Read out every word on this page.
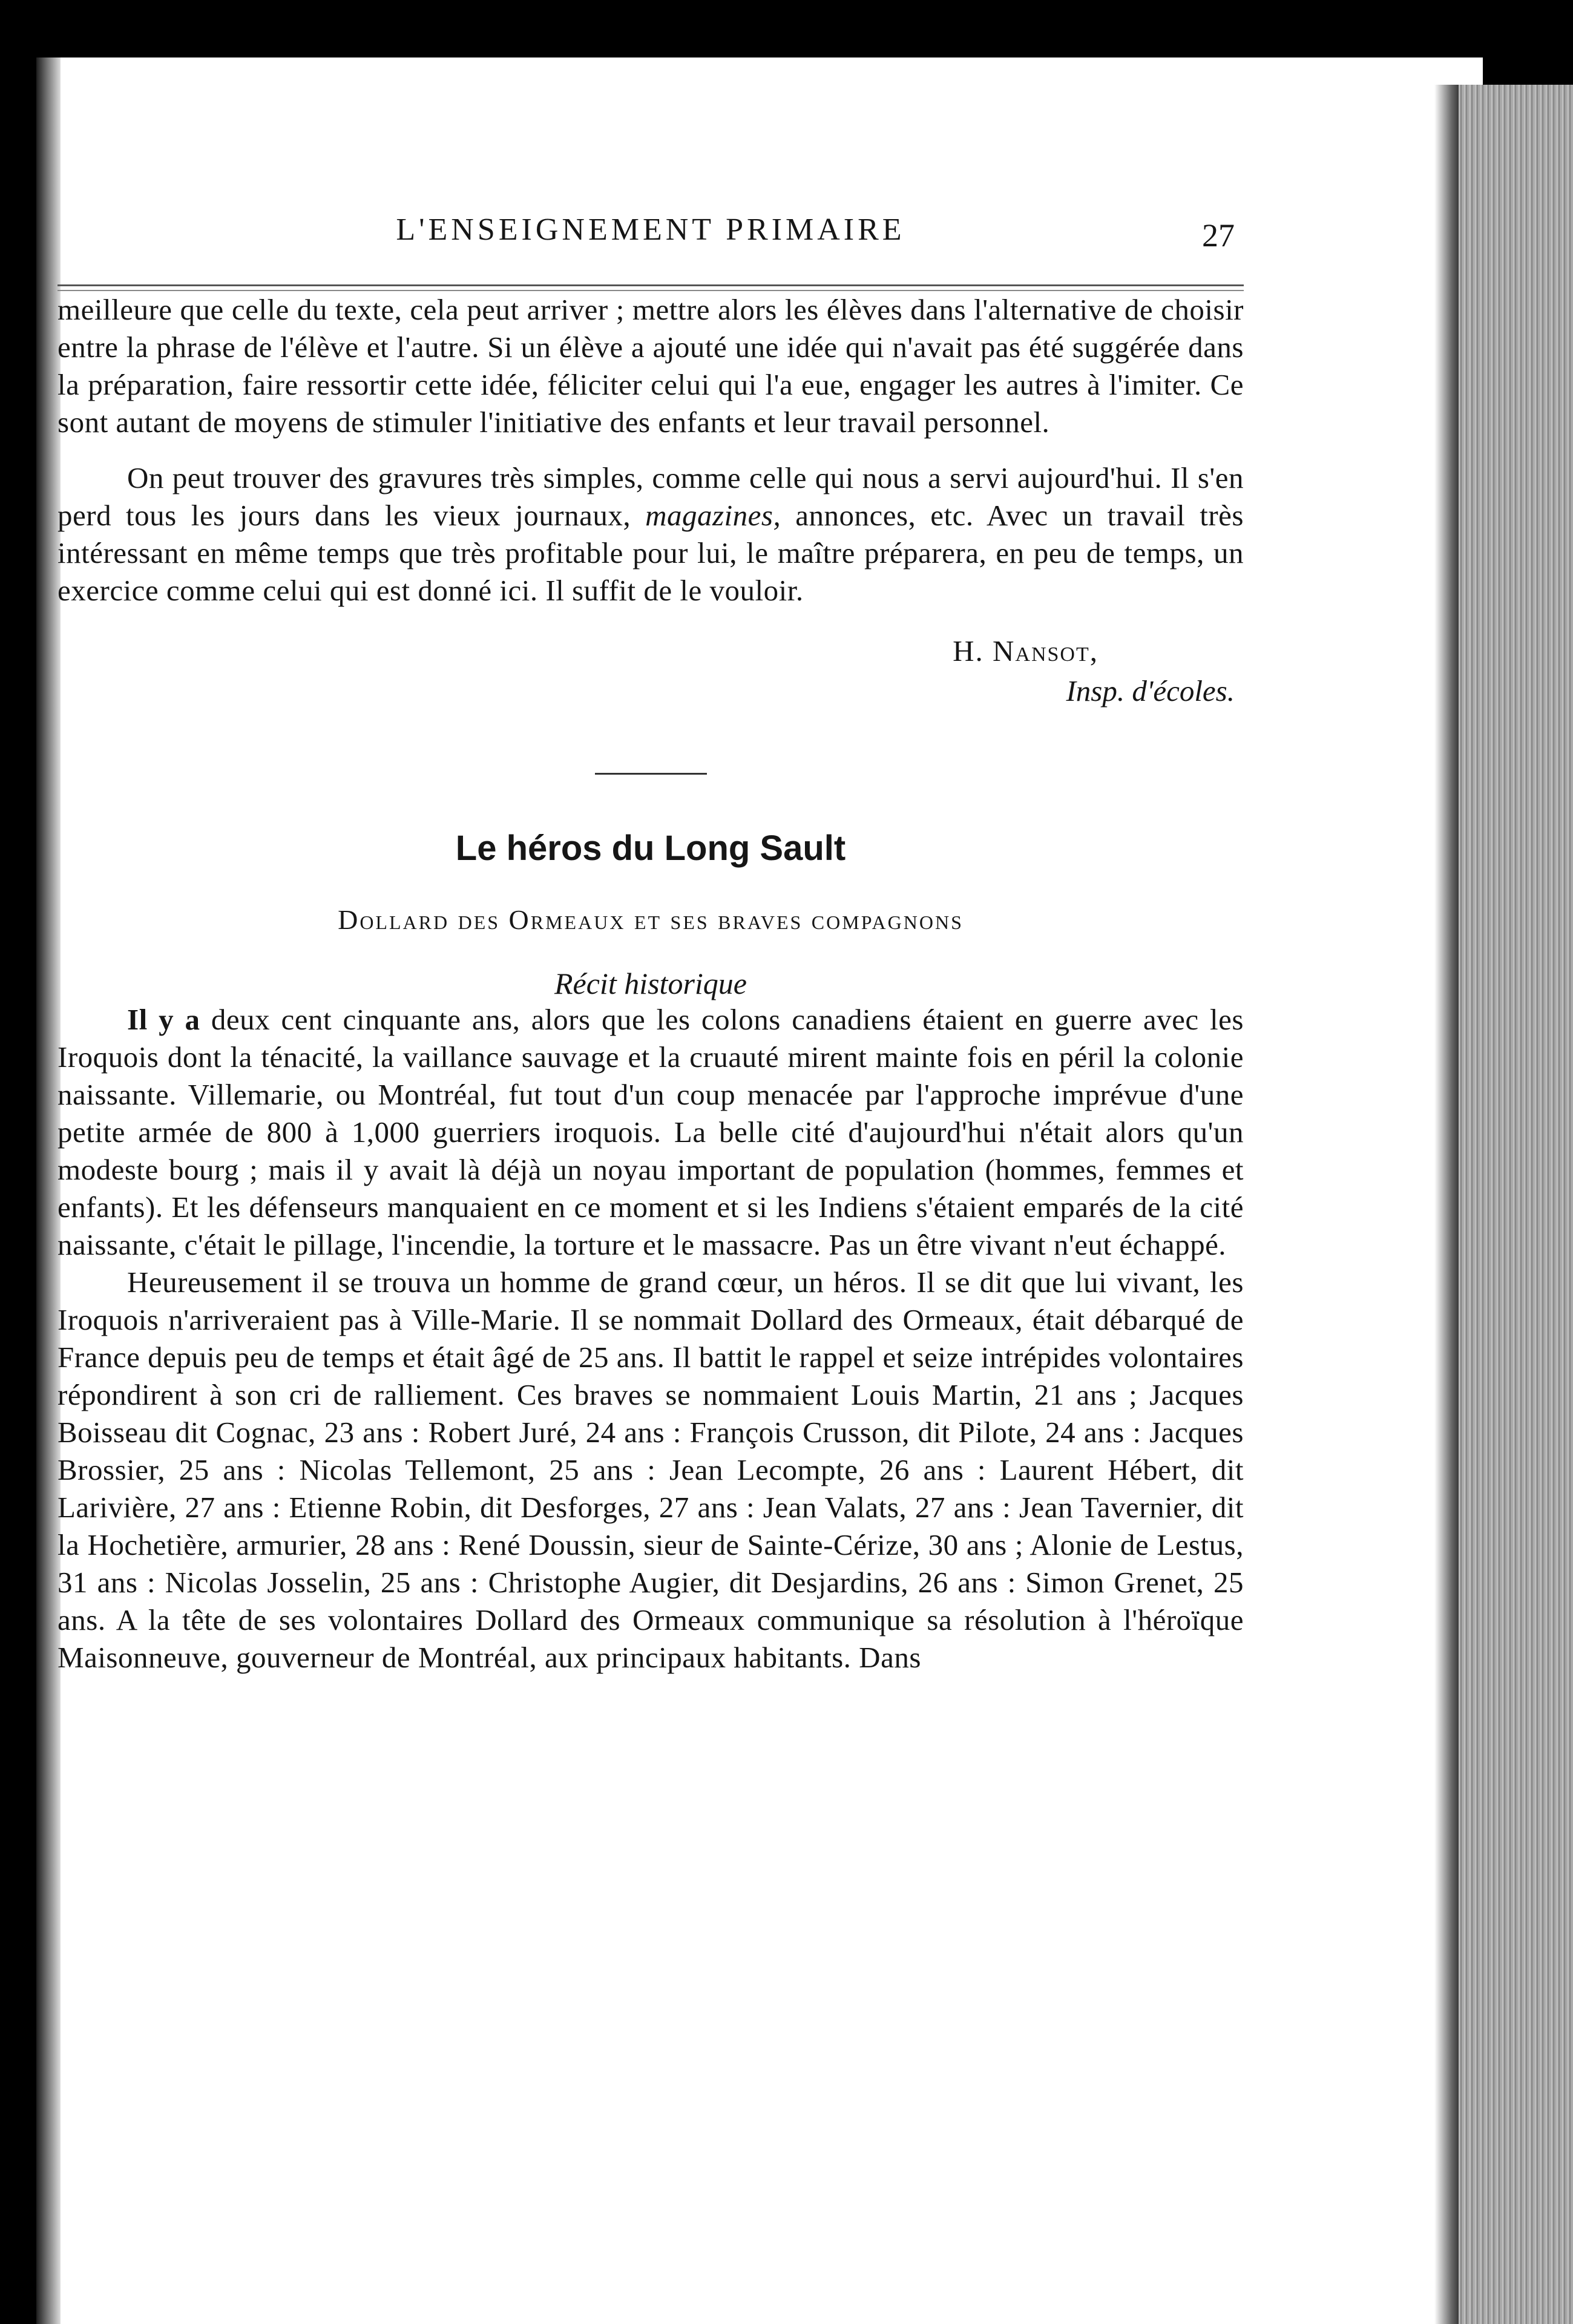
L'ENSEIGNEMENT PRIMAIRE	27

meilleure que celle du texte, cela peut arriver ; mettre alors les élèves dans l'alternative de choisir entre la phrase de l'élève et l'autre. Si un élève a ajouté une idée qui n'avait pas été suggérée dans la préparation, faire ressortir cette idée, féliciter celui qui l'a eue, engager les autres à l'imiter. Ce sont autant de moyens de stimuler l'initiative des enfants et leur travail personnel.

On peut trouver des gravures très simples, comme celle qui nous a servi aujourd'hui. Il s'en perd tous les jours dans les vieux journaux, magazines, annonces, etc. Avec un travail très intéressant en même temps que très profitable pour lui, le maître préparera, en peu de temps, un exercice comme celui qui est donné ici. Il suffit de le vouloir.

H. Nansot,
Insp. d'écoles.
Le héros du Long Sault
Dollard des Ormeaux et ses braves compagnons
Récit historique

Il y a deux cent cinquante ans, alors que les colons canadiens étaient en guerre avec les Iroquois dont la ténacité, la vaillance sauvage et la cruauté mirent mainte fois en péril la colonie naissante. Villemarie, ou Montréal, fut tout d'un coup menacée par l'approche imprévue d'une petite armée de 800 à 1,000 guerriers iroquois. La belle cité d'aujourd'hui n'était alors qu'un modeste bourg ; mais il y avait là déjà un noyau important de population (hommes, femmes et enfants). Et les défenseurs manquaient en ce moment et si les Indiens s'étaient emparés de la cité naissante, c'était le pillage, l'incendie, la torture et le massacre. Pas un être vivant n'eut échappé.

Heureusement il se trouva un homme de grand cœur, un héros. Il se dit que lui vivant, les Iroquois n'arriveraient pas à Ville-Marie. Il se nommait Dollard des Ormeaux, était débarqué de France depuis peu de temps et était âgé de 25 ans. Il battit le rappel et seize intrépides volontaires répondirent à son cri de ralliement. Ces braves se nommaient Louis Martin, 21 ans ; Jacques Boisseau dit Cognac, 23 ans : Robert Juré, 24 ans : François Crusson, dit Pilote, 24 ans : Jacques Brossier, 25 ans : Nicolas Tellemont, 25 ans : Jean Lecompte, 26 ans : Laurent Hébert, dit Larivière, 27 ans : Etienne Robin, dit Desforges, 27 ans : Jean Valats, 27 ans : Jean Tavernier, dit la Hochetière, armurier, 28 ans : René Doussin, sieur de Sainte-Cérize, 30 ans ; Alonie de Lestus, 31 ans : Nicolas Josselin, 25 ans : Christophe Augier, dit Desjardins, 26 ans : Simon Grenet, 25 ans. A la tête de ses volontaires Dollard des Ormeaux communique sa résolution à l'héroïque Maisonneuve, gouverneur de Montréal, aux principaux habitants. Dans
